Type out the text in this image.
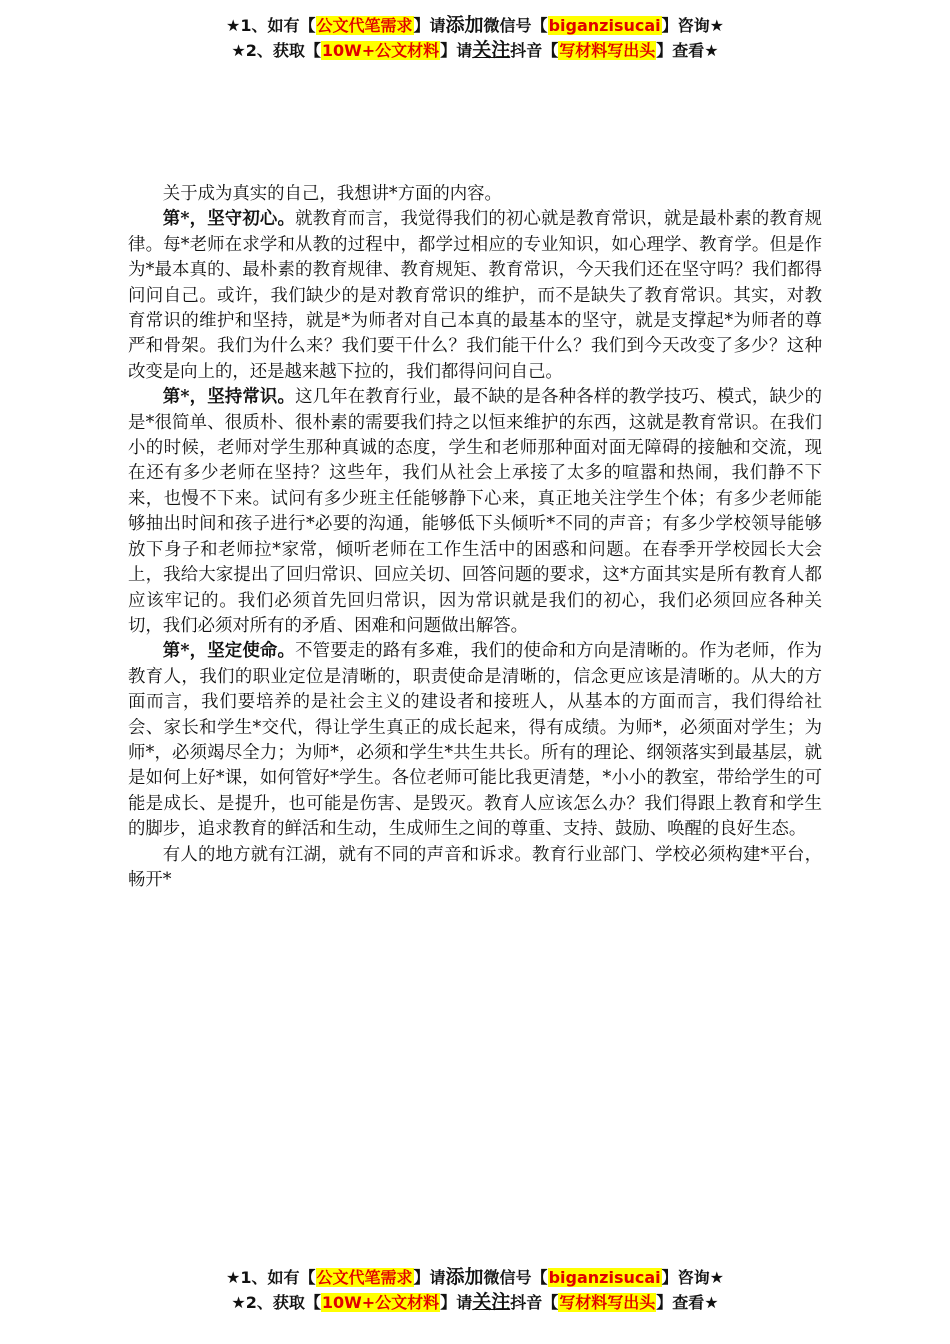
★1、如有【公文代笔需求】请添加微信号【biganzisucai】咨询★
★2、获取【10W+公文材料】请关注抖音【写材料写出头】查看★

关于成为真实的自己，我想讲*方面的内容。

第*，坚守初心。就教育而言，我觉得我们的初心就是教育常识，就是最朴素的教育规律。每*老师在求学和从教的过程中，都学过相应的专业知识，如心理学、教育学。但是作为*最本真的、最朴素的教育规律、教育规矩、教育常识，今天我们还在坚守吗？我们都得问问自己。或许，我们缺少的是对教育常识的维护，而不是缺失了教育常识。其实，对教育常识的维护和坚持，就是*为师者对自己本真的最基本的坚守，就是支撑起*为师者的尊严和骨架。我们为什么来？我们要干什么？我们能干什么？我们到今天改变了多少？这种改变是向上的，还是越来越下拉的，我们都得问问自己。

第*，坚持常识。这几年在教育行业，最不缺的是各种各样的教学技巧、模式，缺少的是*很简单、很质朴、很朴素的需要我们持之以恒来维护的东西，这就是教育常识。在我们小的时候，老师对学生那种真诚的态度，学生和老师那种面对面无障碍的接触和交流，现在还有多少老师在坚持？这些年，我们从社会上承接了太多的喧嚣和热闹，我们静不下来，也慢不下来。试问有多少班主任能够静下心来，真正地关注学生个体；有多少老师能够抽出时间和孩子进行*必要的沟通，能够低下头倾听*不同的声音；有多少学校领导能够放下身子和老师拉*家常，倾听老师在工作生活中的困惑和问题。在春季开学校园长大会上，我给大家提出了回归常识、回应关切、回答问题的要求，这*方面其实是所有教育人都应该牢记的。我们必须首先回归常识，因为常识就是我们的初心，我们必须回应各种关切，我们必须对所有的矛盾、困难和问题做出解答。

第*，坚定使命。不管要走的路有多难，我们的使命和方向是清晰的。作为老师，作为教育人，我们的职业定位是清晰的，职责使命是清晰的，信念更应该是清晰的。从大的方面而言，我们要培养的是社会主义的建设者和接班人，从基本的方面而言，我们得给社会、家长和学生*交代，得让学生真正的成长起来，得有成绩。为师*，必须面对学生；为师*，必须竭尽全力；为师*，必须和学生*共生共长。所有的理论、纲领落实到最基层，就是如何上好*课，如何管好*学生。各位老师可能比我更清楚，*小小的教室，带给学生的可能是成长、是提升，也可能是伤害、是毁灭。教育人应该怎么办？我们得跟上教育和学生的脚步，追求教育的鲜活和生动，生成师生之间的尊重、支持、鼓励、唤醒的良好生态。

有人的地方就有江湖，就有不同的声音和诉求。教育行业部门、学校必须构建*平台，畅开*

★1、如有【公文代笔需求】请添加微信号【biganzisucai】咨询★
★2、获取【10W+公文材料】请关注抖音【写材料写出头】查看★
